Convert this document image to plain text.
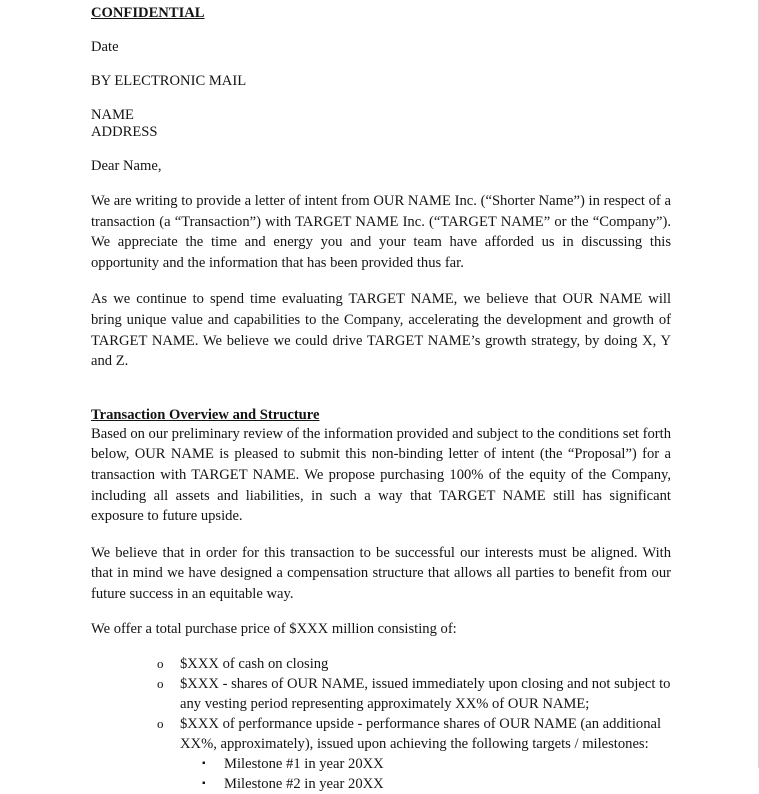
CONFIDENTIAL
Date
BY ELECTRONIC MAIL
NAME
ADDRESS
Dear Name,
We are writing to provide a letter of intent from OUR NAME Inc. (“Shorter Name”) in respect of a transaction (a “Transaction”) with TARGET NAME Inc. (“TARGET NAME” or the “Company”). We appreciate the time and energy you and your team have afforded us in discussing this opportunity and the information that has been provided thus far.
As we continue to spend time evaluating TARGET NAME, we believe that OUR NAME will bring unique value and capabilities to the Company, accelerating the development and growth of TARGET NAME. We believe we could drive TARGET NAME’s growth strategy, by doing X, Y and Z.
Transaction Overview and Structure
Based on our preliminary review of the information provided and subject to the conditions set forth below, OUR NAME is pleased to submit this non-binding letter of intent (the “Proposal”) for a transaction with TARGET NAME. We propose purchasing 100% of the equity of the Company, including all assets and liabilities, in such a way that TARGET NAME still has significant exposure to future upside.
We believe that in order for this transaction to be successful our interests must be aligned. With that in mind we have designed a compensation structure that allows all parties to benefit from our future success in an equitable way.
We offer a total purchase price of $XXX million consisting of:
o $XXX of cash on closing
o $XXX - shares of OUR NAME, issued immediately upon closing and not subject to any vesting period representing approximately XX% of OUR NAME;
o $XXX of performance upside - performance shares of OUR NAME (an additional XX%, approximately), issued upon achieving the following targets / milestones:
▪ Milestone #1 in year 20XX
▪ Milestone #2 in year 20XX
